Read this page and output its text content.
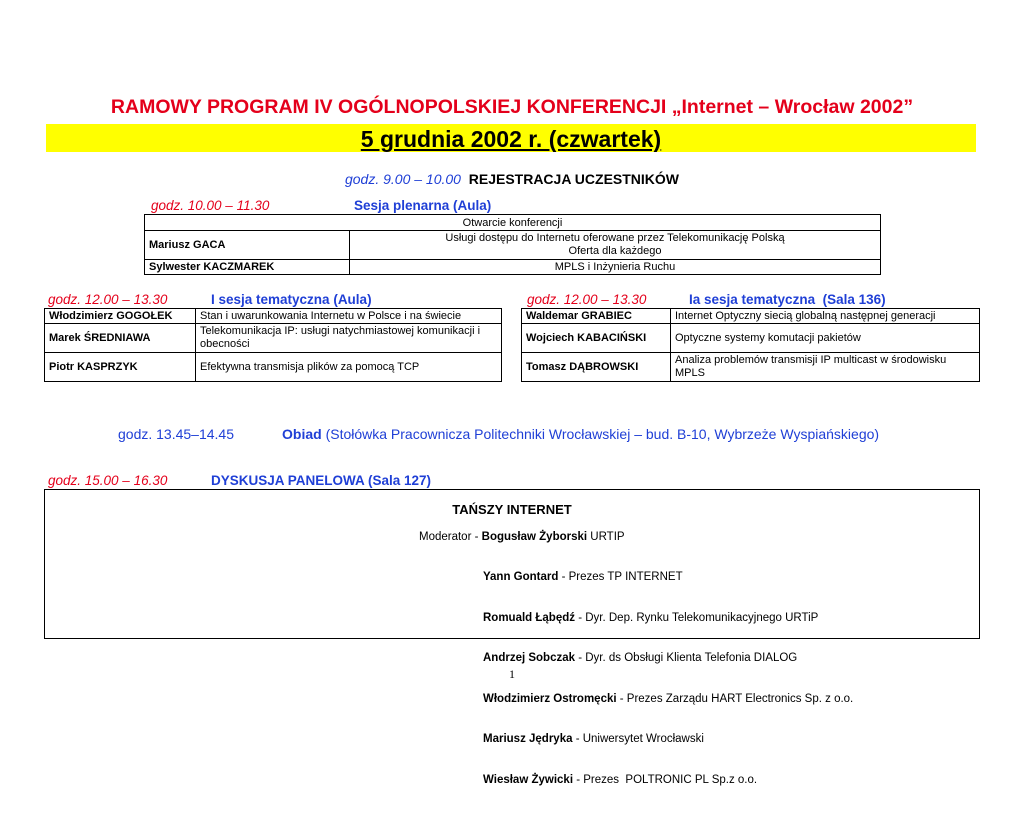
RAMOWY PROGRAM IV OGÓLNOPOLSKIEJ KONFERENCJI „Internet – Wrocław 2002”
5 grudnia 2002 r. (czwartek)
godz. 9.00 – 10.00 REJESTRACJA UCZESTNIKÓW
godz. 10.00 – 11.30	Sesja plenarna (Aula)
Otwarcie konferencji	
Mariusz GACA	Usługi dostępu do Internetu oferowane przez Telekomunikację Polską
Oferta dla każdego

Sylwester KACZMAREK	MPLS i Inżynieria Ruchu
godz. 12.00 – 13.30	I sesja tematyczna (Aula)
Włodzimierz GOGOŁEK	Stan i uwarunkowania Internetu w Polsce i na świecie
Marek ŚREDNIAWA	Telekomunikacja IP: usługi natychmiastowej komunikacji i obecności
Piotr KASPRZYK	Efektywna transmisja plików za pomocą TCP
godz. 12.00 – 13.30	Ia sesja tematyczna  (Sala 136)
Waldemar GRABIEC	Internet Optyczny siecią globalną następnej generacji
Wojciech KABACIŃSKI	Optyczne systemy komutacji pakietów
Tomasz DĄBROWSKI	Analiza problemów transmisji IP multicast w środowisku MPLS
godz. 13.45–14.45	Obiad (Stołówka Pracownicza Politechniki Wrocławskiej – bud. B-10, Wybrzeże Wyspiańskiego)
godz. 15.00 – 16.30	DYSKUSJA PANELOWA (Sala 127)
TAŃSZY INTERNET
Moderator - Bogusław Żyborski URTIP

Yann Gontard - Prezes TP INTERNET

Romuald Łąbędź - Dyr. Dep. Rynku Telekomunikacyjnego URTiP

Andrzej Sobczak - Dyr. ds Obsługi Klienta Telefonia DIALOG

Włodzimierz Ostromęcki - Prezes Zarządu HART Electronics Sp. z o.o.

Mariusz Jędryka - Uniwersytet Wrocławski

Wiesław Żywicki - Prezes  POLTRONIC PL Sp.z o.o.

1
